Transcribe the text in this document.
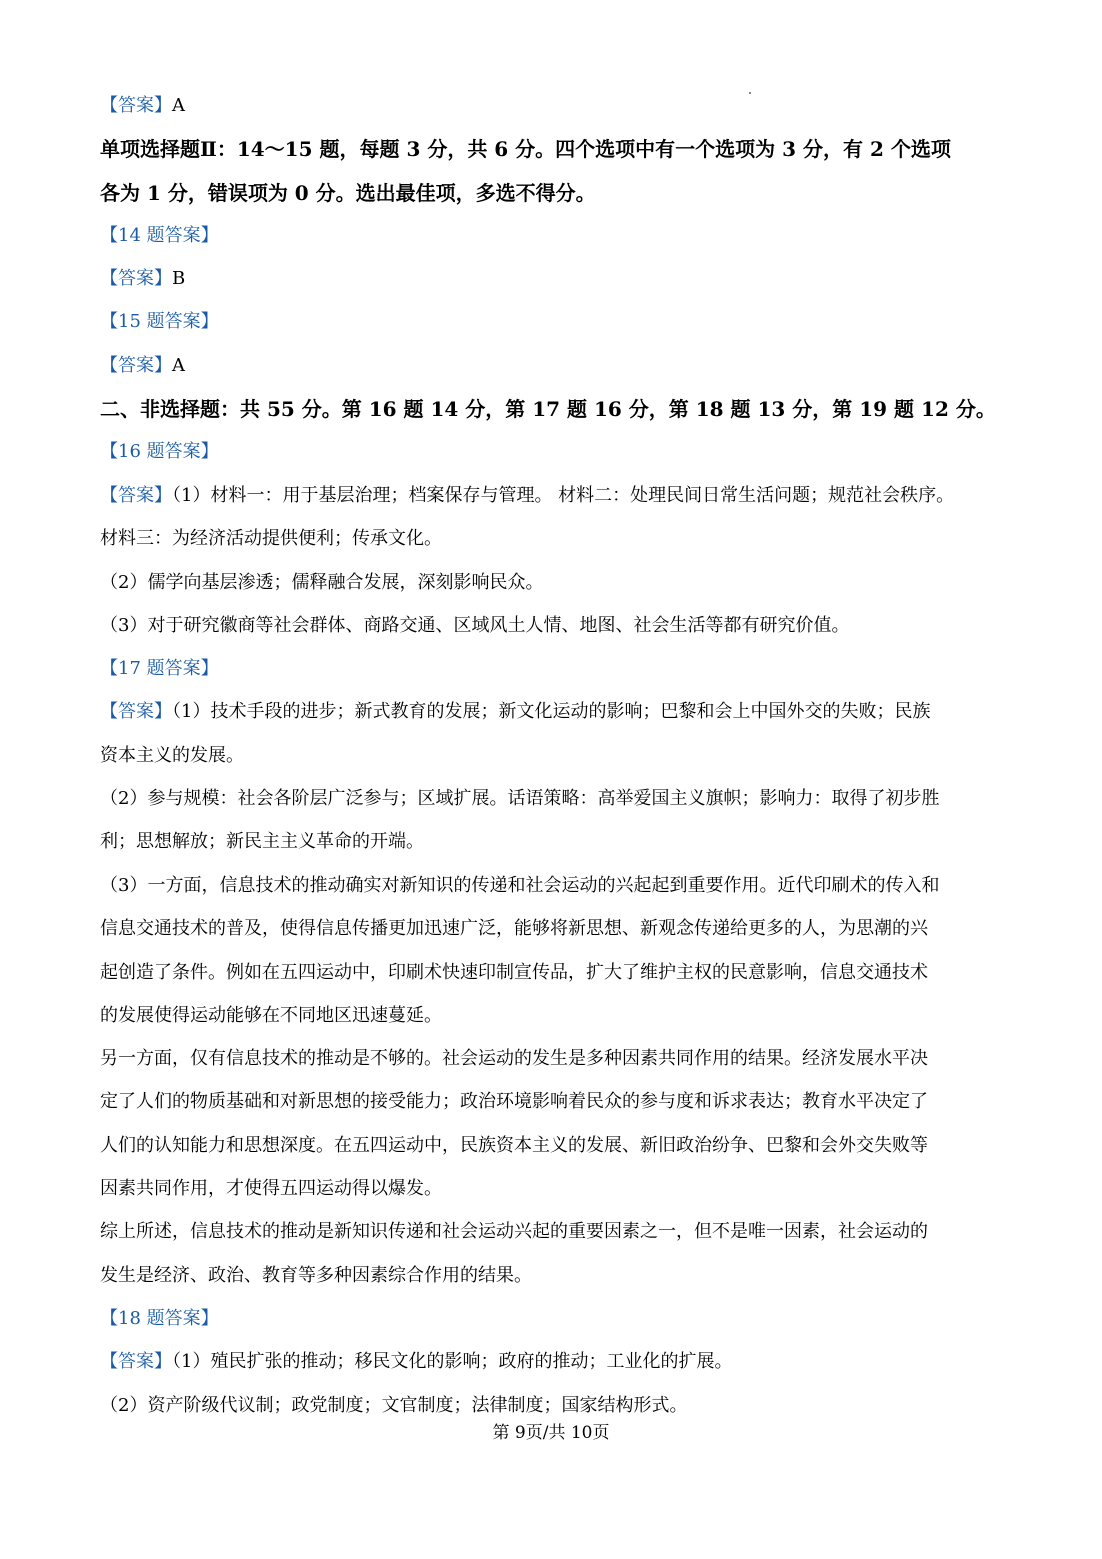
【答案】A
单项选择题Ⅱ：14～15 题，每题 3 分，共 6 分。四个选项中有一个选项为 3 分，有 2 个选项
各为 1 分，错误项为 0 分。选出最佳项，多选不得分。
【14 题答案】
【答案】B
【15 题答案】
【答案】A
二、非选择题：共 55 分。第 16 题 14 分，第 17 题 16 分，第 18 题 13 分，第 19 题 12 分。
【16 题答案】
【答案】（1）材料一：用于基层治理；档案保存与管理。 材料二：处理民间日常生活问题；规范社会秩序。
材料三：为经济活动提供便利；传承文化。
（2）儒学向基层渗透；儒释融合发展，深刻影响民众。
（3）对于研究徽商等社会群体、商路交通、区域风土人情、地图、社会生活等都有研究价值。
【17 题答案】
【答案】（1）技术手段的进步；新式教育的发展；新文化运动的影响；巴黎和会上中国外交的失败；民族
资本主义的发展。
（2）参与规模：社会各阶层广泛参与；区域扩展。话语策略：高举爱国主义旗帜；影响力：取得了初步胜
利；思想解放；新民主主义革命的开端。
（3）一方面，信息技术的推动确实对新知识的传递和社会运动的兴起起到重要作用。近代印刷术的传入和
信息交通技术的普及，使得信息传播更加迅速广泛，能够将新思想、新观念传递给更多的人，为思潮的兴
起创造了条件。例如在五四运动中，印刷术快速印制宣传品，扩大了维护主权的民意影响，信息交通技术
的发展使得运动能够在不同地区迅速蔓延。
另一方面，仅有信息技术的推动是不够的。社会运动的发生是多种因素共同作用的结果。经济发展水平决
定了人们的物质基础和对新思想的接受能力；政治环境影响着民众的参与度和诉求表达；教育水平决定了
人们的认知能力和思想深度。在五四运动中，民族资本主义的发展、新旧政治纷争、巴黎和会外交失败等
因素共同作用，才使得五四运动得以爆发。
综上所述，信息技术的推动是新知识传递和社会运动兴起的重要因素之一，但不是唯一因素，社会运动的
发生是经济、政治、教育等多种因素综合作用的结果。
【18 题答案】
【答案】（1）殖民扩张的推动；移民文化的影响；政府的推动；工业化的扩展。
（2）资产阶级代议制；政党制度；文官制度；法律制度；国家结构形式。
第 9页/共 10页
